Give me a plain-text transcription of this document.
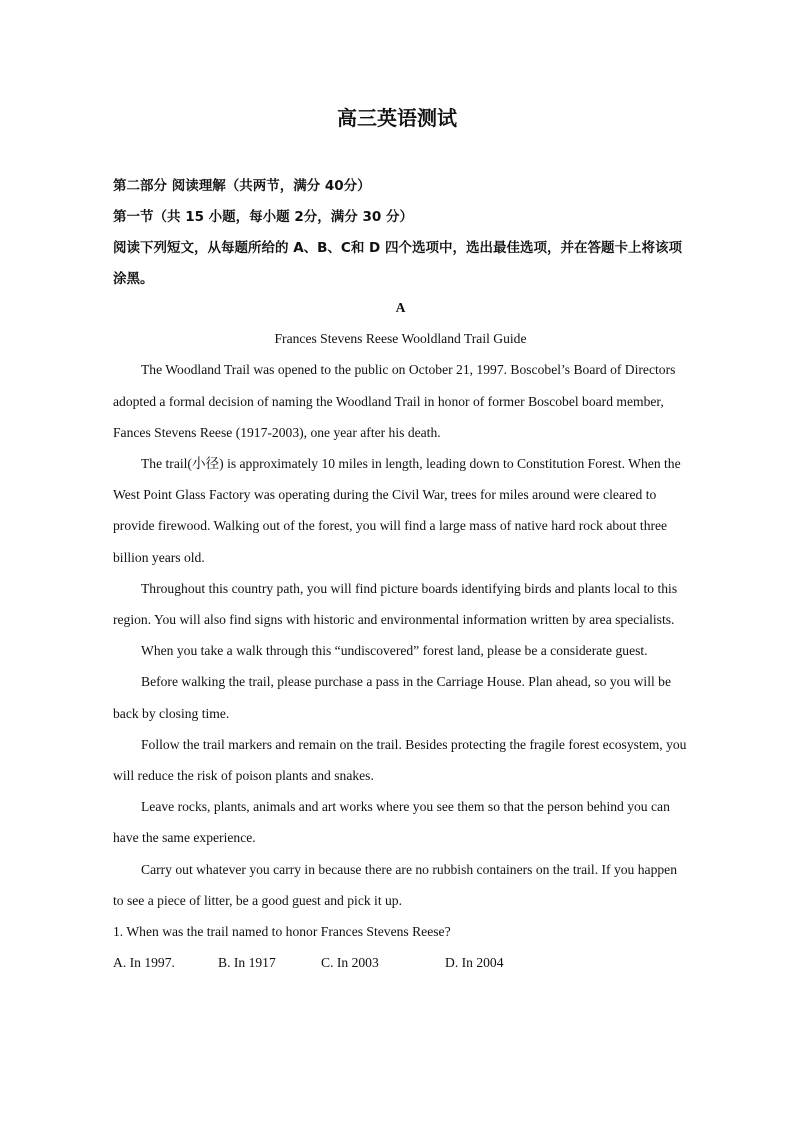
高三英语测试
第二部分 阅读理解（共两节，满分 40分）
第一节（共 15 小题，每小题 2分，满分 30 分）
阅读下列短文，从每题所给的 A、B、C和 D 四个选项中，选出最佳选项，并在答题卡上将该项涂黑。

A

Frances Stevens Reese Wooldland Trail Guide

The Woodland Trail was opened to the public on October 21, 1997. Boscobel’s Board of Directors adopted a formal decision of naming the Woodland Trail in honor of former Boscobel board member, Fances Stevens Reese (1917-2003), one year after his death.

The trail(小径) is approximately 10 miles in length, leading down to Constitution Forest. When the West Point Glass Factory was operating during the Civil War, trees for miles around were cleared to provide firewood. Walking out of the forest, you will find a large mass of native hard rock about three billion years old.

Throughout this country path, you will find picture boards identifying birds and plants local to this region. You will also find signs with historic and environmental information written by area specialists.

When you take a walk through this “undiscovered” forest land, please be a considerate guest.

Before walking the trail, please purchase a pass in the Carriage House. Plan ahead, so you will be back by closing time.

Follow the trail markers and remain on the trail. Besides protecting the fragile forest ecosystem, you will reduce the risk of poison plants and snakes.

Leave rocks, plants, animals and art works where you see them so that the person behind you can have the same experience.

Carry out whatever you carry in because there are no rubbish containers on the trail. If you happen to see a piece of litter, be a good guest and pick it up.

1. When was the trail named to honor Frances Stevens Reese?

A. In 1997.	B. In 1917	C. In 2003	D. In 2004
